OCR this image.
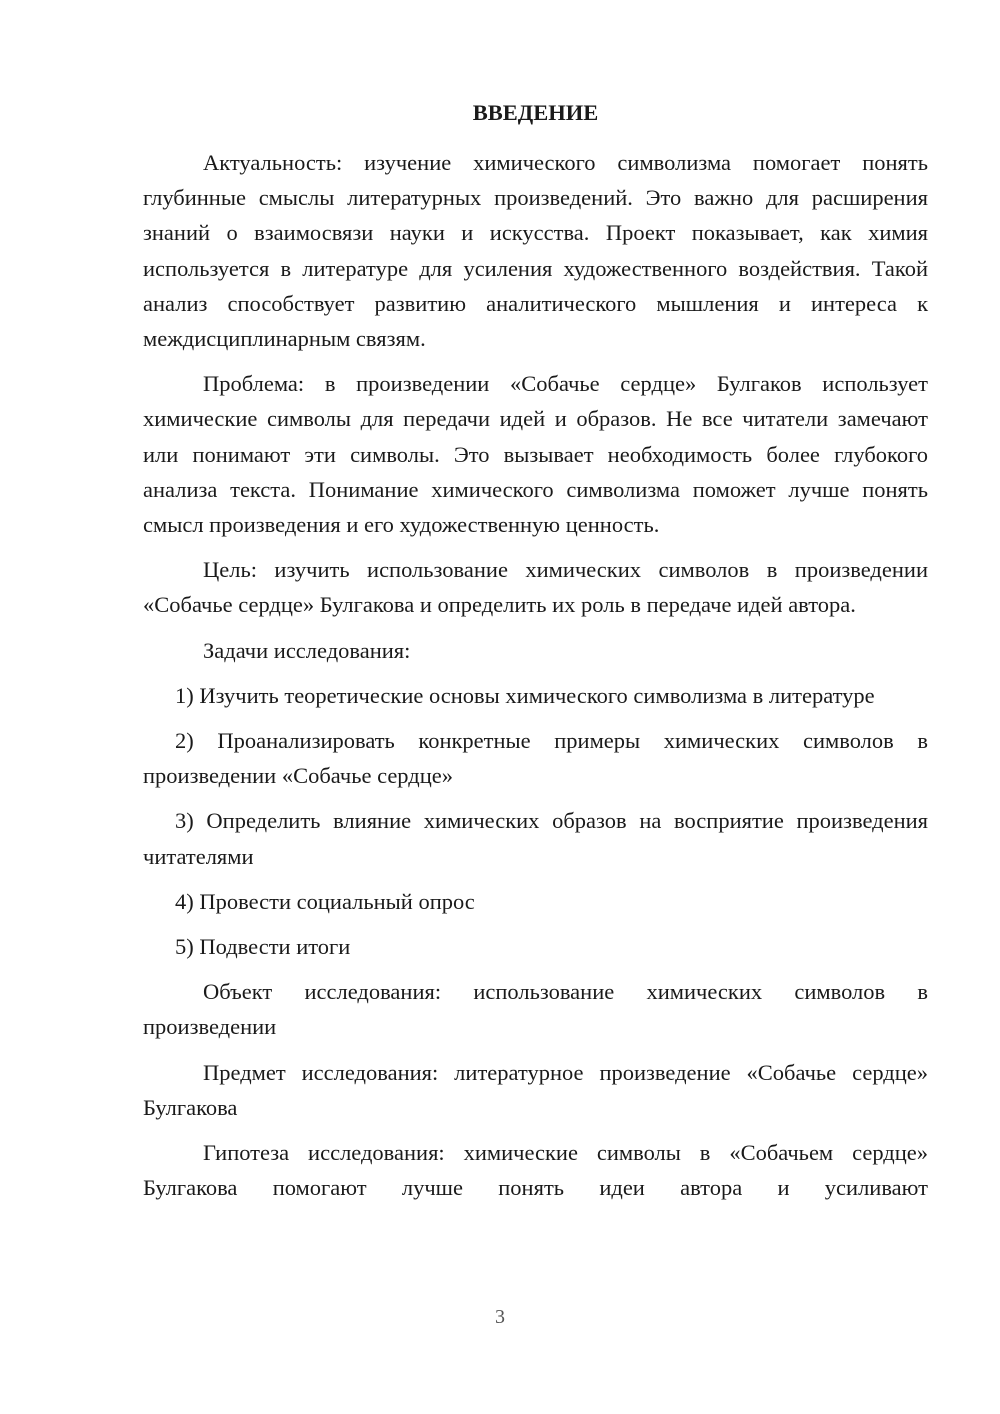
ВВЕДЕНИЕ

Актуальность: изучение химического символизма помогает понять глубинные смыслы литературных произведений. Это важно для расширения знаний о взаимосвязи науки и искусства. Проект показывает, как химия используется в литературе для усиления художественного воздействия. Такой анализ способствует развитию аналитического мышления и интереса к междисциплинарным связям.

Проблема: в произведении «Собачье сердце» Булгаков использует химические символы для передачи идей и образов. Не все читатели замечают или понимают эти символы. Это вызывает необходимость более глубокого анализа текста. Понимание химического символизма поможет лучше понять смысл произведения и его художественную ценность.

Цель: изучить использование химических символов в произведении «Собачье сердце» Булгакова и определить их роль в передаче идей автора.

Задачи исследования:

1) Изучить теоретические основы химического символизма в литературе

2) Проанализировать конкретные примеры химических символов в произведении «Собачье сердце»

3) Определить влияние химических образов на восприятие произведения читателями

4) Провести социальный опрос

5) Подвести итоги

Объект исследования: использование химических символов в произведении

Предмет исследования: литературное произведение «Собачье сердце» Булгакова

Гипотеза исследования: химические символы в «Собачьем сердце» Булгакова помогают лучше понять идеи автора и усиливают

3
